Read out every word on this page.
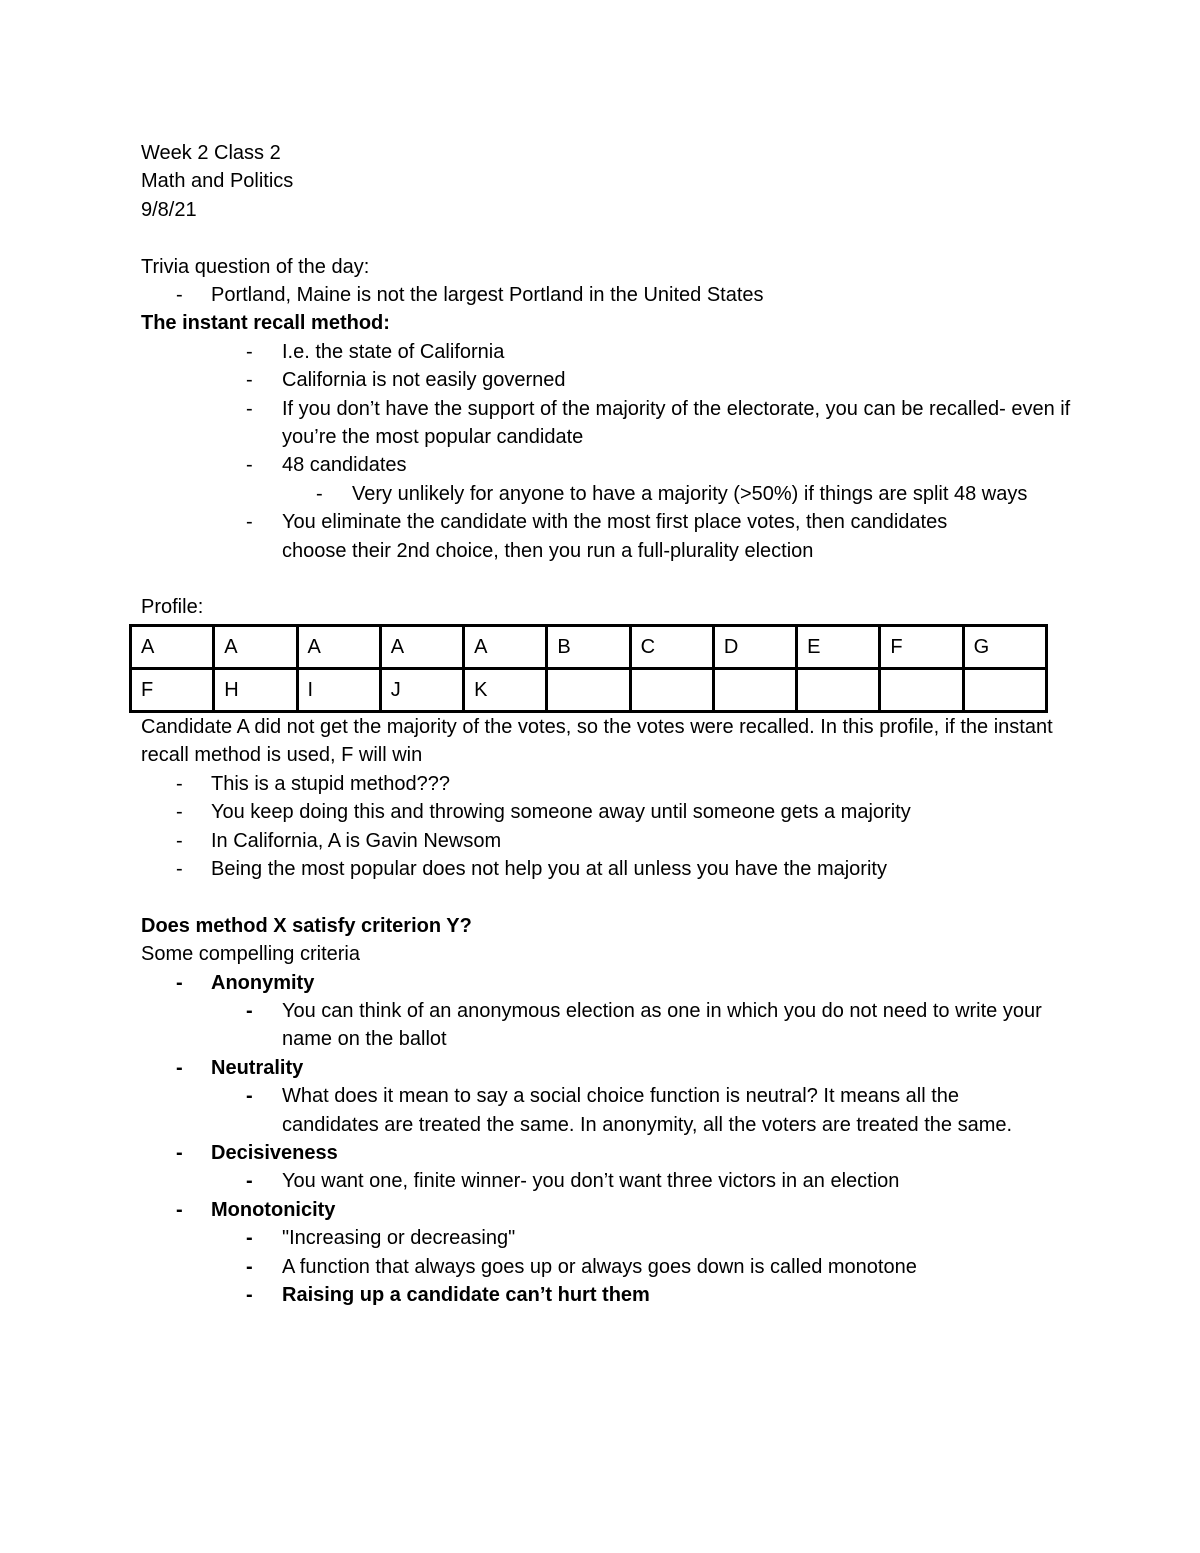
Week 2 Class 2
Math and Politics
9/8/21
Trivia question of the day:
- Portland, Maine is not the largest Portland in the United States
The instant recall method:
- I.e. the state of California
- California is not easily governed
- If you don’t have the support of the majority of the electorate, you can be recalled- even if you’re the most popular candidate
- 48 candidates
- Very unlikely for anyone to have a majority (>50%) if things are split 48 ways
- You eliminate the candidate with the most first place votes, then candidates choose their 2nd choice, then you run a full-plurality election
Profile:
A	A	A	A	A	B	C	D	E	F	G
F	H	I	J	K						
Candidate A did not get the majority of the votes, so the votes were recalled. In this profile, if the instant recall method is used, F will win
- This is a stupid method???
- You keep doing this and throwing someone away until someone gets a majority
- In California, A is Gavin Newsom
- Being the most popular does not help you at all unless you have the majority
Does method X satisfy criterion Y?
Some compelling criteria
- Anonymity
- You can think of an anonymous election as one in which you do not need to write your name on the ballot
- Neutrality
- What does it mean to say a social choice function is neutral? It means all the candidates are treated the same. In anonymity, all the voters are treated the same.
- Decisiveness
- You want one, finite winner- you don’t want three victors in an election
- Monotonicity
- "Increasing or decreasing"
- A function that always goes up or always goes down is called monotone
- Raising up a candidate can’t hurt them
